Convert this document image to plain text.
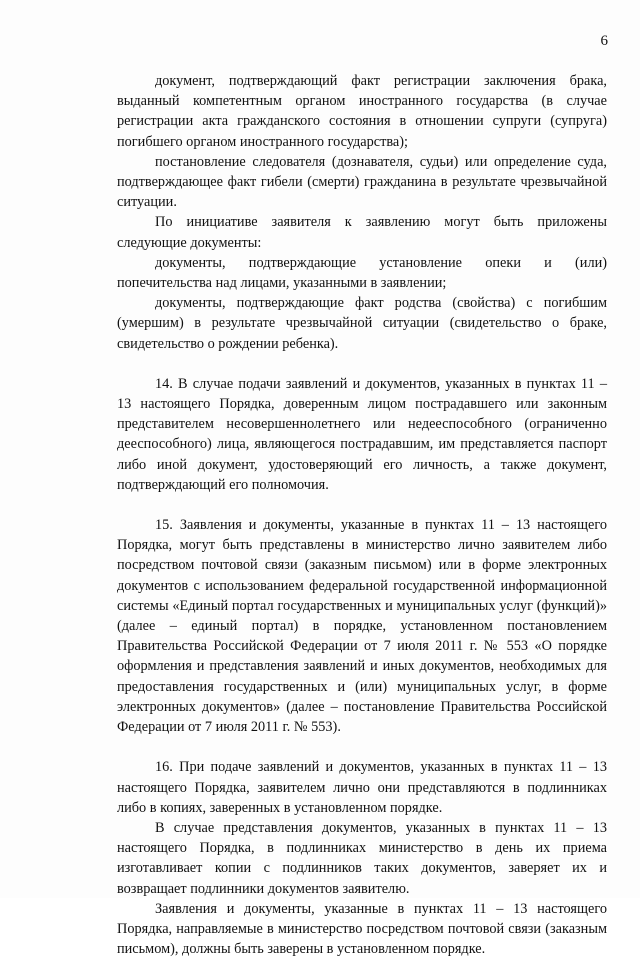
6

документ, подтверждающий факт регистрации заключения брака, выданный компетентным органом иностранного государства (в случае регистрации акта гражданского состояния в отношении супруги (супруга) погибшего органом иностранного государства);

постановление следователя (дознавателя, судьи) или определение суда, подтверждающее факт гибели (смерти) гражданина в результате чрезвычайной ситуации.

По инициативе заявителя к заявлению могут быть приложены следующие документы:

документы, подтверждающие установление опеки и (или) попечительства над лицами, указанными в заявлении;

документы, подтверждающие факт родства (свойства) с погибшим (умершим) в результате чрезвычайной ситуации (свидетельство о браке, свидетельство о рождении ребенка).

14. В случае подачи заявлений и документов, указанных в пунктах 11 – 13 настоящего Порядка, доверенным лицом пострадавшего или законным представителем несовершеннолетнего или недееспособного (ограниченно дееспособного) лица, являющегося пострадавшим, им представляется паспорт либо иной документ, удостоверяющий его личность, а также документ, подтверждающий его полномочия.

15. Заявления и документы, указанные в пунктах 11 – 13 настоящего Порядка, могут быть представлены в министерство лично заявителем либо посредством почтовой связи (заказным письмом) или в форме электронных документов с использованием федеральной государственной информационной системы «Единый портал государственных и муниципальных услуг (функций)» (далее – единый портал) в порядке, установленном постановлением Правительства Российской Федерации от 7 июля 2011 г. № 553 «О порядке оформления и представления заявлений и иных документов, необходимых для предоставления государственных и (или) муниципальных услуг, в форме электронных документов» (далее – постановление Правительства Российской Федерации от 7 июля 2011 г. № 553).

16. При подаче заявлений и документов, указанных в пунктах 11 – 13 настоящего Порядка, заявителем лично они представляются в подлинниках либо в копиях, заверенных в установленном порядке.

В случае представления документов, указанных в пунктах 11 – 13 настоящего Порядка, в подлинниках министерство в день их приема изготавливает копии с подлинников таких документов, заверяет их и возвращает подлинники документов заявителю.

Заявления и документы, указанные в пунктах 11 – 13 настоящего Порядка, направляемые в министерство посредством почтовой связи (заказным письмом), должны быть заверены в установленном порядке.
